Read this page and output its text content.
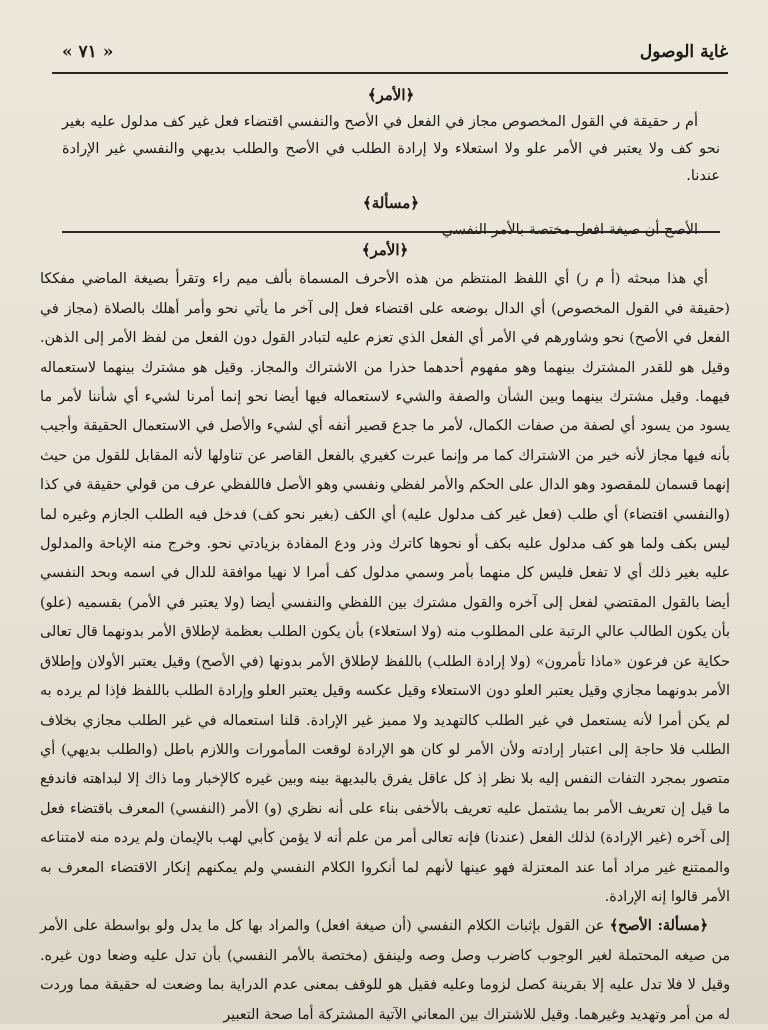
غاية الوصول
« ٧١ »

﴿الأمر﴾

أم ر حقيقة في القول المخصوص مجاز في الفعل في الأصح والنفسي اقتضاء فعل غير كف مدلول عليه بغير نحو كف ولا يعتبر في الأمر علو ولا استعلاء ولا إرادة الطلب في الأصح والطلب بديهي والنفسي غير الإرادة عندنا.

﴿مسألة﴾

الأصح أن صيغة افعل مختصة بالأمر النفسي

﴿الأمر﴾

أي هذا مبحثه (أ م ر) أي اللفظ المنتظم من هذه الأحرف المسماة بألف ميم راء وتقرأ بصيغة الماضي مفككا (حقيقة في القول المخصوص) أي الدال بوضعه على اقتضاء فعل إلى آخر ما يأتي نحو وأمر أهلك بالصلاة (مجاز في الفعل في الأصح) نحو وشاورهم في الأمر أي الفعل الذي تعزم عليه لتبادر القول دون الفعل من لفظ الأمر إلى الذهن. وقيل هو للقدر المشترك بينهما وهو مفهوم أحدهما حذرا من الاشتراك والمجاز. وقيل هو مشترك بينهما لاستعماله فيهما. وقيل مشترك بينهما وبين الشأن والصفة والشيء لاستعماله فيها أيضا نحو إنما أمرنا لشيء أي شأننا لأمر ما يسود من يسود أي لصفة من صفات الكمال، لأمر ما جدع قصير أنفه أي لشيء والأصل في الاستعمال الحقيقة وأجيب بأنه فيها مجاز لأنه خير من الاشتراك كما مر وإنما عبرت كغيري بالفعل القاصر عن تناولها لأنه المقابل للقول من حيث إنهما قسمان للمقصود وهو الدال على الحكم والأمر لفظي ونفسي وهو الأصل فاللفظي عرف من قولي حقيقة في كذا (والنفسي اقتضاء) أي طلب (فعل غير كف مدلول عليه) أي الكف (بغير نحو كف) فدخل فيه الطلب الجازم وغيره لما ليس بكف ولما هو كف مدلول عليه بكف أو نحوها كاترك وذر ودع المفادة بزيادتي نحو. وخرج منه الإباحة والمدلول عليه بغير ذلك أي لا تفعل فليس كل منهما بأمر وسمي مدلول كف أمرا لا نهيا موافقة للدال في اسمه وبحد النفسي أيضا بالقول المقتضي لفعل إلى آخره والقول مشترك بين اللفظي والنفسي أيضا (ولا يعتبر في الأمر) بقسميه (علو) بأن يكون الطالب عالي الرتبة على المطلوب منه (ولا استعلاء) بأن يكون الطلب بعظمة لإطلاق الأمر بدونهما قال تعالى حكاية عن فرعون «ماذا تأمرون» (ولا إرادة الطلب) باللفظ لإطلاق الأمر بدونها (في الأصح) وقيل يعتبر الأولان وإطلاق الأمر بدونهما مجازي وقيل يعتبر العلو دون الاستعلاء وقيل عكسه وقيل يعتبر العلو وإرادة الطلب باللفظ فإذا لم يرده به لم يكن أمرا لأنه يستعمل في غير الطلب كالتهديد ولا مميز غير الإرادة. قلنا استعماله في غير الطلب مجازي بخلاف الطلب فلا حاجة إلى اعتبار إرادته ولأن الأمر لو كان هو الإرادة لوقعت المأمورات واللازم باطل (والطلب بديهي) أي متصور بمجرد التفات النفس إليه بلا نظر إذ كل عاقل يفرق بالبديهة بينه وبين غيره كالإخبار وما ذاك إلا لبداهته فاندفع ما قيل إن تعريف الأمر بما يشتمل عليه تعريف بالأخفى بناء على أنه نظري (و) الأمر (النفسي) المعرف باقتضاء فعل إلى آخره (غير الإرادة) لذلك الفعل (عندنا) فإنه تعالى أمر من علم أنه لا يؤمن كأبي لهب بالإيمان ولم يرده منه لامتناعه والممتنع غير مراد أما عند المعتزلة فهو عينها لأنهم لما أنكروا الكلام النفسي ولم يمكنهم إنكار الاقتضاء المعرف به الأمر قالوا إنه الإرادة.

﴿مسألة: الأصح﴾ عن القول بإثبات الكلام النفسي (أن صيغة افعل) والمراد بها كل ما يدل ولو بواسطة على الأمر من صيغه المحتملة لغير الوجوب كاضرب وصل وصه ولينفق (مختصة بالأمر النفسي) بأن تدل عليه وضعا دون غيره. وقيل لا فلا تدل عليه إلا بقرينة كصل لزوما وعليه فقيل هو للوقف بمعنى عدم الدراية بما وضعت له حقيقة مما وردت له من أمر وتهديد وغيرهما. وقيل للاشتراك بين المعاني الآتية المشتركة أما صحة التعبير
